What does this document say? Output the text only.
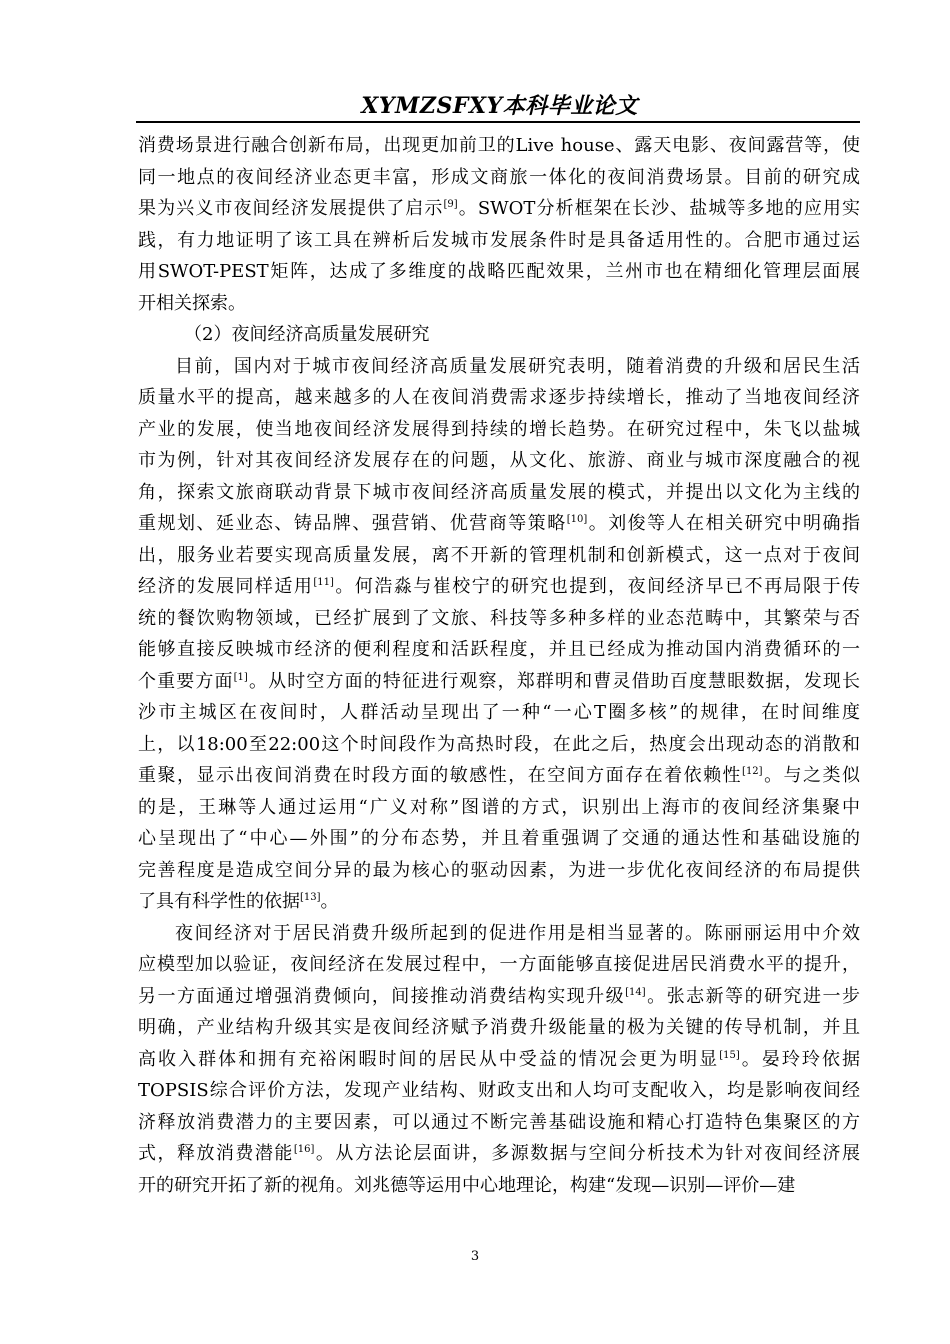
XYMZSFXY本科毕业论文
消费场景进行融合创新布局，出现更加前卫的Live house、露天电影、夜间露营等，使
同一地点的夜间经济业态更丰富，形成文商旅一体化的夜间消费场景。目前的研究成
果为兴义市夜间经济发展提供了启示[9]。SWOT分析框架在长沙、盐城等多地的应用实
践，有力地证明了该工具在辨析后发城市发展条件时是具备适用性的。合肥市通过运
用SWOT-PEST矩阵，达成了多维度的战略匹配效果，兰州市也在精细化管理层面展
开相关探索。
（2）夜间经济高质量发展研究
目前，国内对于城市夜间经济高质量发展研究表明，随着消费的升级和居民生活
质量水平的提高，越来越多的人在夜间消费需求逐步持续增长，推动了当地夜间经济
产业的发展，使当地夜间经济发展得到持续的增长趋势。在研究过程中，朱飞以盐城
市为例，针对其夜间经济发展存在的问题，从文化、旅游、商业与城市深度融合的视
角，探索文旅商联动背景下城市夜间经济高质量发展的模式，并提出以文化为主线的
重规划、延业态、铸品牌、强营销、优营商等策略[10]。刘俊等人在相关研究中明确指
出，服务业若要实现高质量发展，离不开新的管理机制和创新模式，这一点对于夜间
经济的发展同样适用[11]。何浩淼与崔校宁的研究也提到，夜间经济早已不再局限于传
统的餐饮购物领域，已经扩展到了文旅、科技等多种多样的业态范畴中，其繁荣与否
能够直接反映城市经济的便利程度和活跃程度，并且已经成为推动国内消费循环的一
个重要方面[1]。从时空方面的特征进行观察，郑群明和曹灵借助百度慧眼数据，发现长
沙市主城区在夜间时，人群活动呈现出了一种“一心T圈多核”的规律，在时间维度
上，以18:00至22:00这个时间段作为高热时段，在此之后，热度会出现动态的消散和
重聚，显示出夜间消费在时段方面的敏感性，在空间方面存在着依赖性[12]。与之类似
的是，王琳等人通过运用“广义对称”图谱的方式，识别出上海市的夜间经济集聚中
心呈现出了“中心—外围”的分布态势，并且着重强调了交通的通达性和基础设施的
完善程度是造成空间分异的最为核心的驱动因素，为进一步优化夜间经济的布局提供
了具有科学性的依据[13]。
夜间经济对于居民消费升级所起到的促进作用是相当显著的。陈丽丽运用中介效
应模型加以验证，夜间经济在发展过程中，一方面能够直接促进居民消费水平的提升，
另一方面通过增强消费倾向，间接推动消费结构实现升级[14]。张志新等的研究进一步
明确，产业结构升级其实是夜间经济赋予消费升级能量的极为关键的传导机制，并且
高收入群体和拥有充裕闲暇时间的居民从中受益的情况会更为明显[15]。晏玲玲依据
TOPSIS综合评价方法，发现产业结构、财政支出和人均可支配收入，均是影响夜间经
济释放消费潜力的主要因素，可以通过不断完善基础设施和精心打造特色集聚区的方
式，释放消费潜能[16]。从方法论层面讲，多源数据与空间分析技术为针对夜间经济展
开的研究开拓了新的视角。刘兆德等运用中心地理论，构建“发现—识别—评价—建
3
